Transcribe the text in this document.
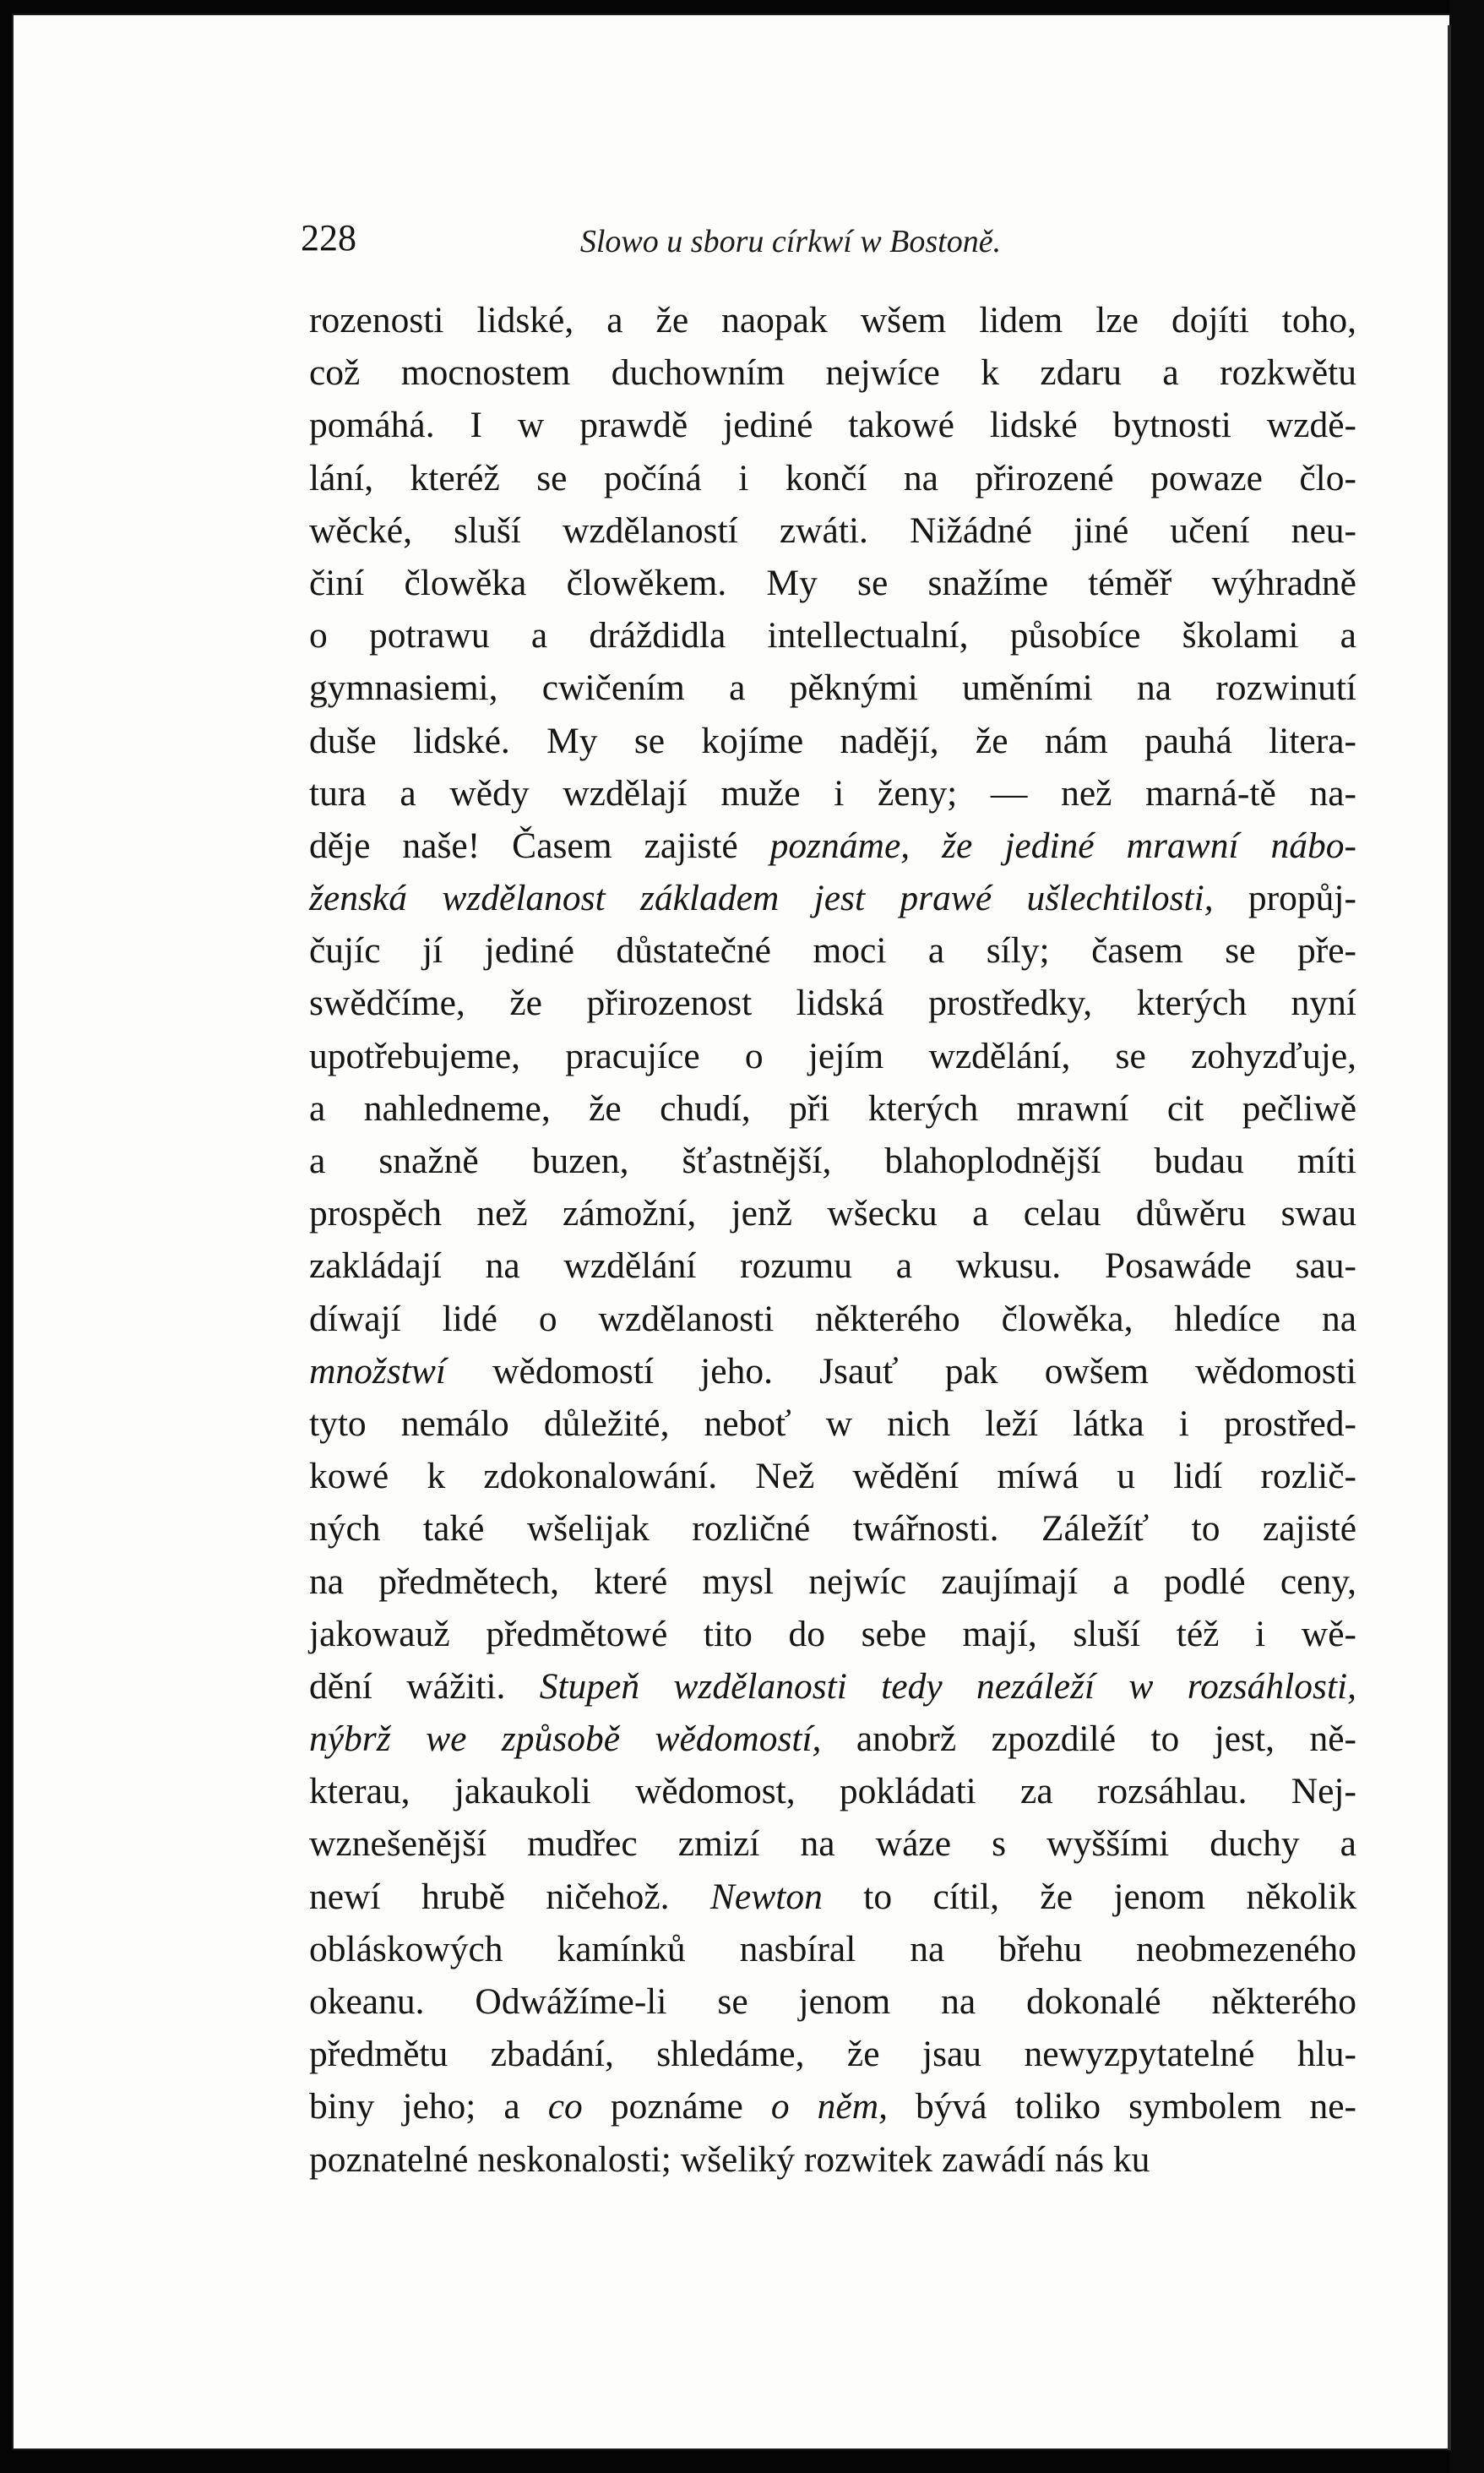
228	Slowo u sboru církwí w Bostoně.
rozenosti lidské, a že naopak wšem lidem lze dojíti toho,
což mocnostem duchowním nejwíce k zdaru a rozkwětu
pomáhá. I w prawdě jediné takowé lidské bytnosti wzdě-
lání, kteréž se počíná i končí na přirozené powaze člo-
wěcké, sluší wzdělaností zwáti. Nižádné jiné učení neu-
činí člowěka člowěkem. My se snažíme téměř wýhradně
o potrawu a dráždidla intellectualní, působíce školami a
gymnasiemi, cwičením a pěknými uměními na rozwinutí
duše lidské. My se kojíme nadějí, že nám pauhá litera-
tura a wědy wzdělají muže i ženy; — než marná-tě na-
děje naše! Časem zajisté poznáme, že jediné mrawní nábo-
ženská wzdělanost základem jest prawé ušlechtilosti, propůj-
čujíc jí jediné důstatečné moci a síly; časem se pře-
swědčíme, že přirozenost lidská prostředky, kterých nyní
upotřebujeme, pracujíce o jejím wzdělání, se zohyzďuje,
a nahledneme, že chudí, při kterých mrawní cit pečliwě
a snažně buzen, šťastnější, blahoplodnější budau míti
prospěch než zámožní, jenž wšecku a celau důwěru swau
zakládají na wzdělání rozumu a wkusu. Posawáde sau-
díwají lidé o wzdělanosti některého člowěka, hledíce na
množstwí wědomostí jeho. Jsauť pak owšem wědomosti
tyto nemálo důležité, neboť w nich leží látka i prostřed-
kowé k zdokonalowání. Než wědění míwá u lidí rozlič-
ných také wšelijak rozličné twářnosti. Záležíť to zajisté
na předmětech, které mysl nejwíc zaujímají a podlé ceny,
jakowauž předmětowé tito do sebe mají, sluší též i wě-
dění wážiti. Stupeň wzdělanosti tedy nezáleží w rozsáhlosti,
nýbrž we způsobě wědomostí, anobrž zpozdilé to jest, ně-
kterau, jakaukoli wědomost, pokládati za rozsáhlau. Nej-
wznešenější mudřec zmizí na wáze s wyššími duchy a
newí hrubě ničehož. Newton to cítil, že jenom několik
obláskowých kamínků nasbíral na břehu neobmezeného
okeanu. Odwážíme-li se jenom na dokonalé některého
předmětu zbadání, shledáme, že jsau newyzpytatelné hlu-
biny jeho; a co poznáme o něm, bývá toliko symbolem ne-
poznatelné neskonalosti; wšeliký rozwitek zawádí nás ku
